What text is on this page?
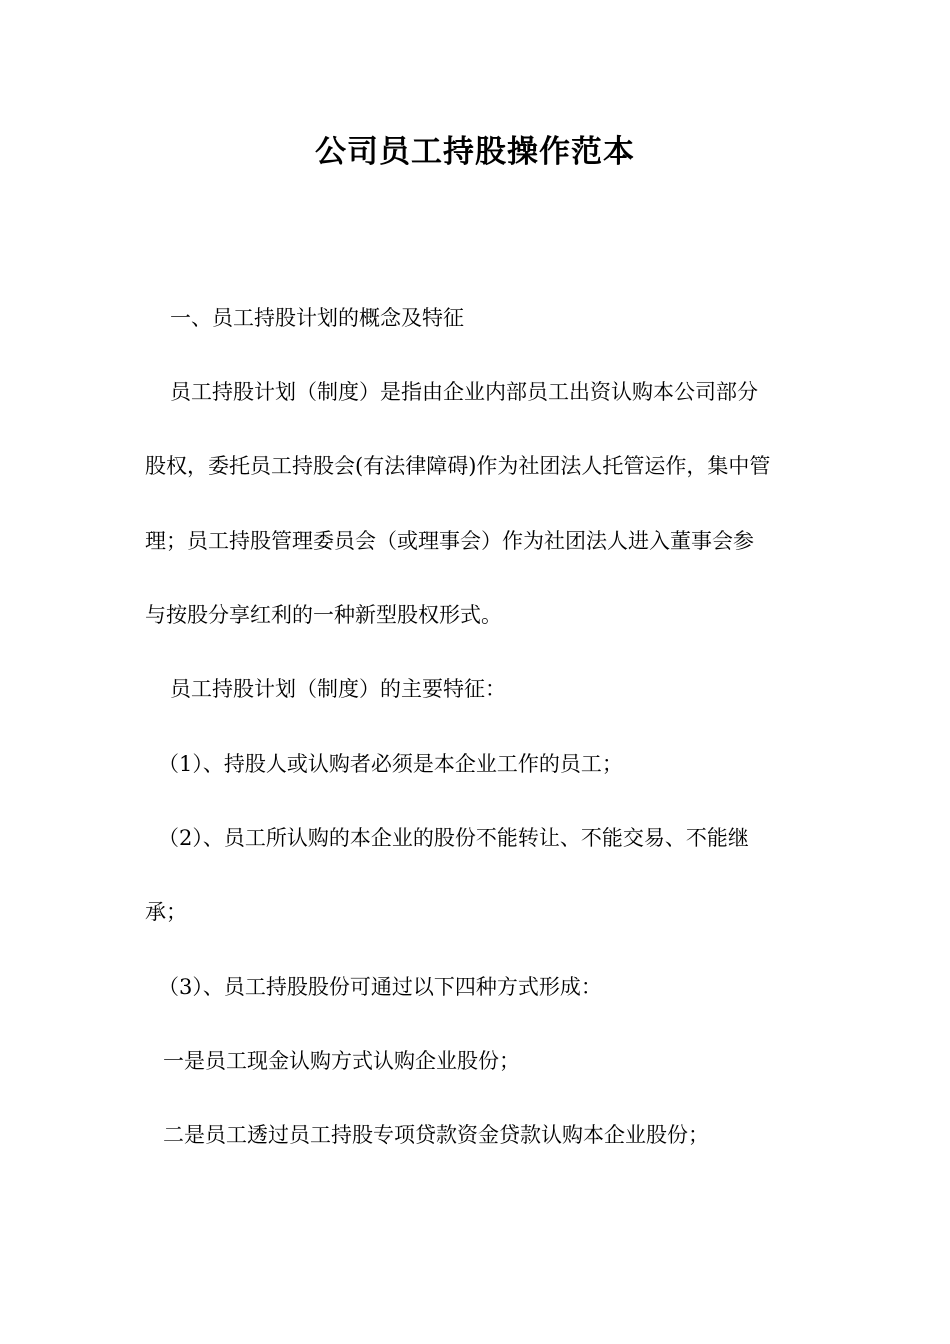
公司员工持股操作范本

一、员工持股计划的概念及特征

员工持股计划（制度）是指由企业内部员工出资认购本公司部分

股权，委托员工持股会(有法律障碍)作为社团法人托管运作，集中管

理；员工持股管理委员会（或理事会）作为社团法人进入董事会参

与按股分享红利的一种新型股权形式。

员工持股计划（制度）的主要特征：

（1）、持股人或认购者必须是本企业工作的员工；

（2）、员工所认购的本企业的股份不能转让、不能交易、不能继

承；

（3）、员工持股股份可通过以下四种方式形成：

一是员工现金认购方式认购企业股份；

二是员工透过员工持股专项贷款资金贷款认购本企业股份；
